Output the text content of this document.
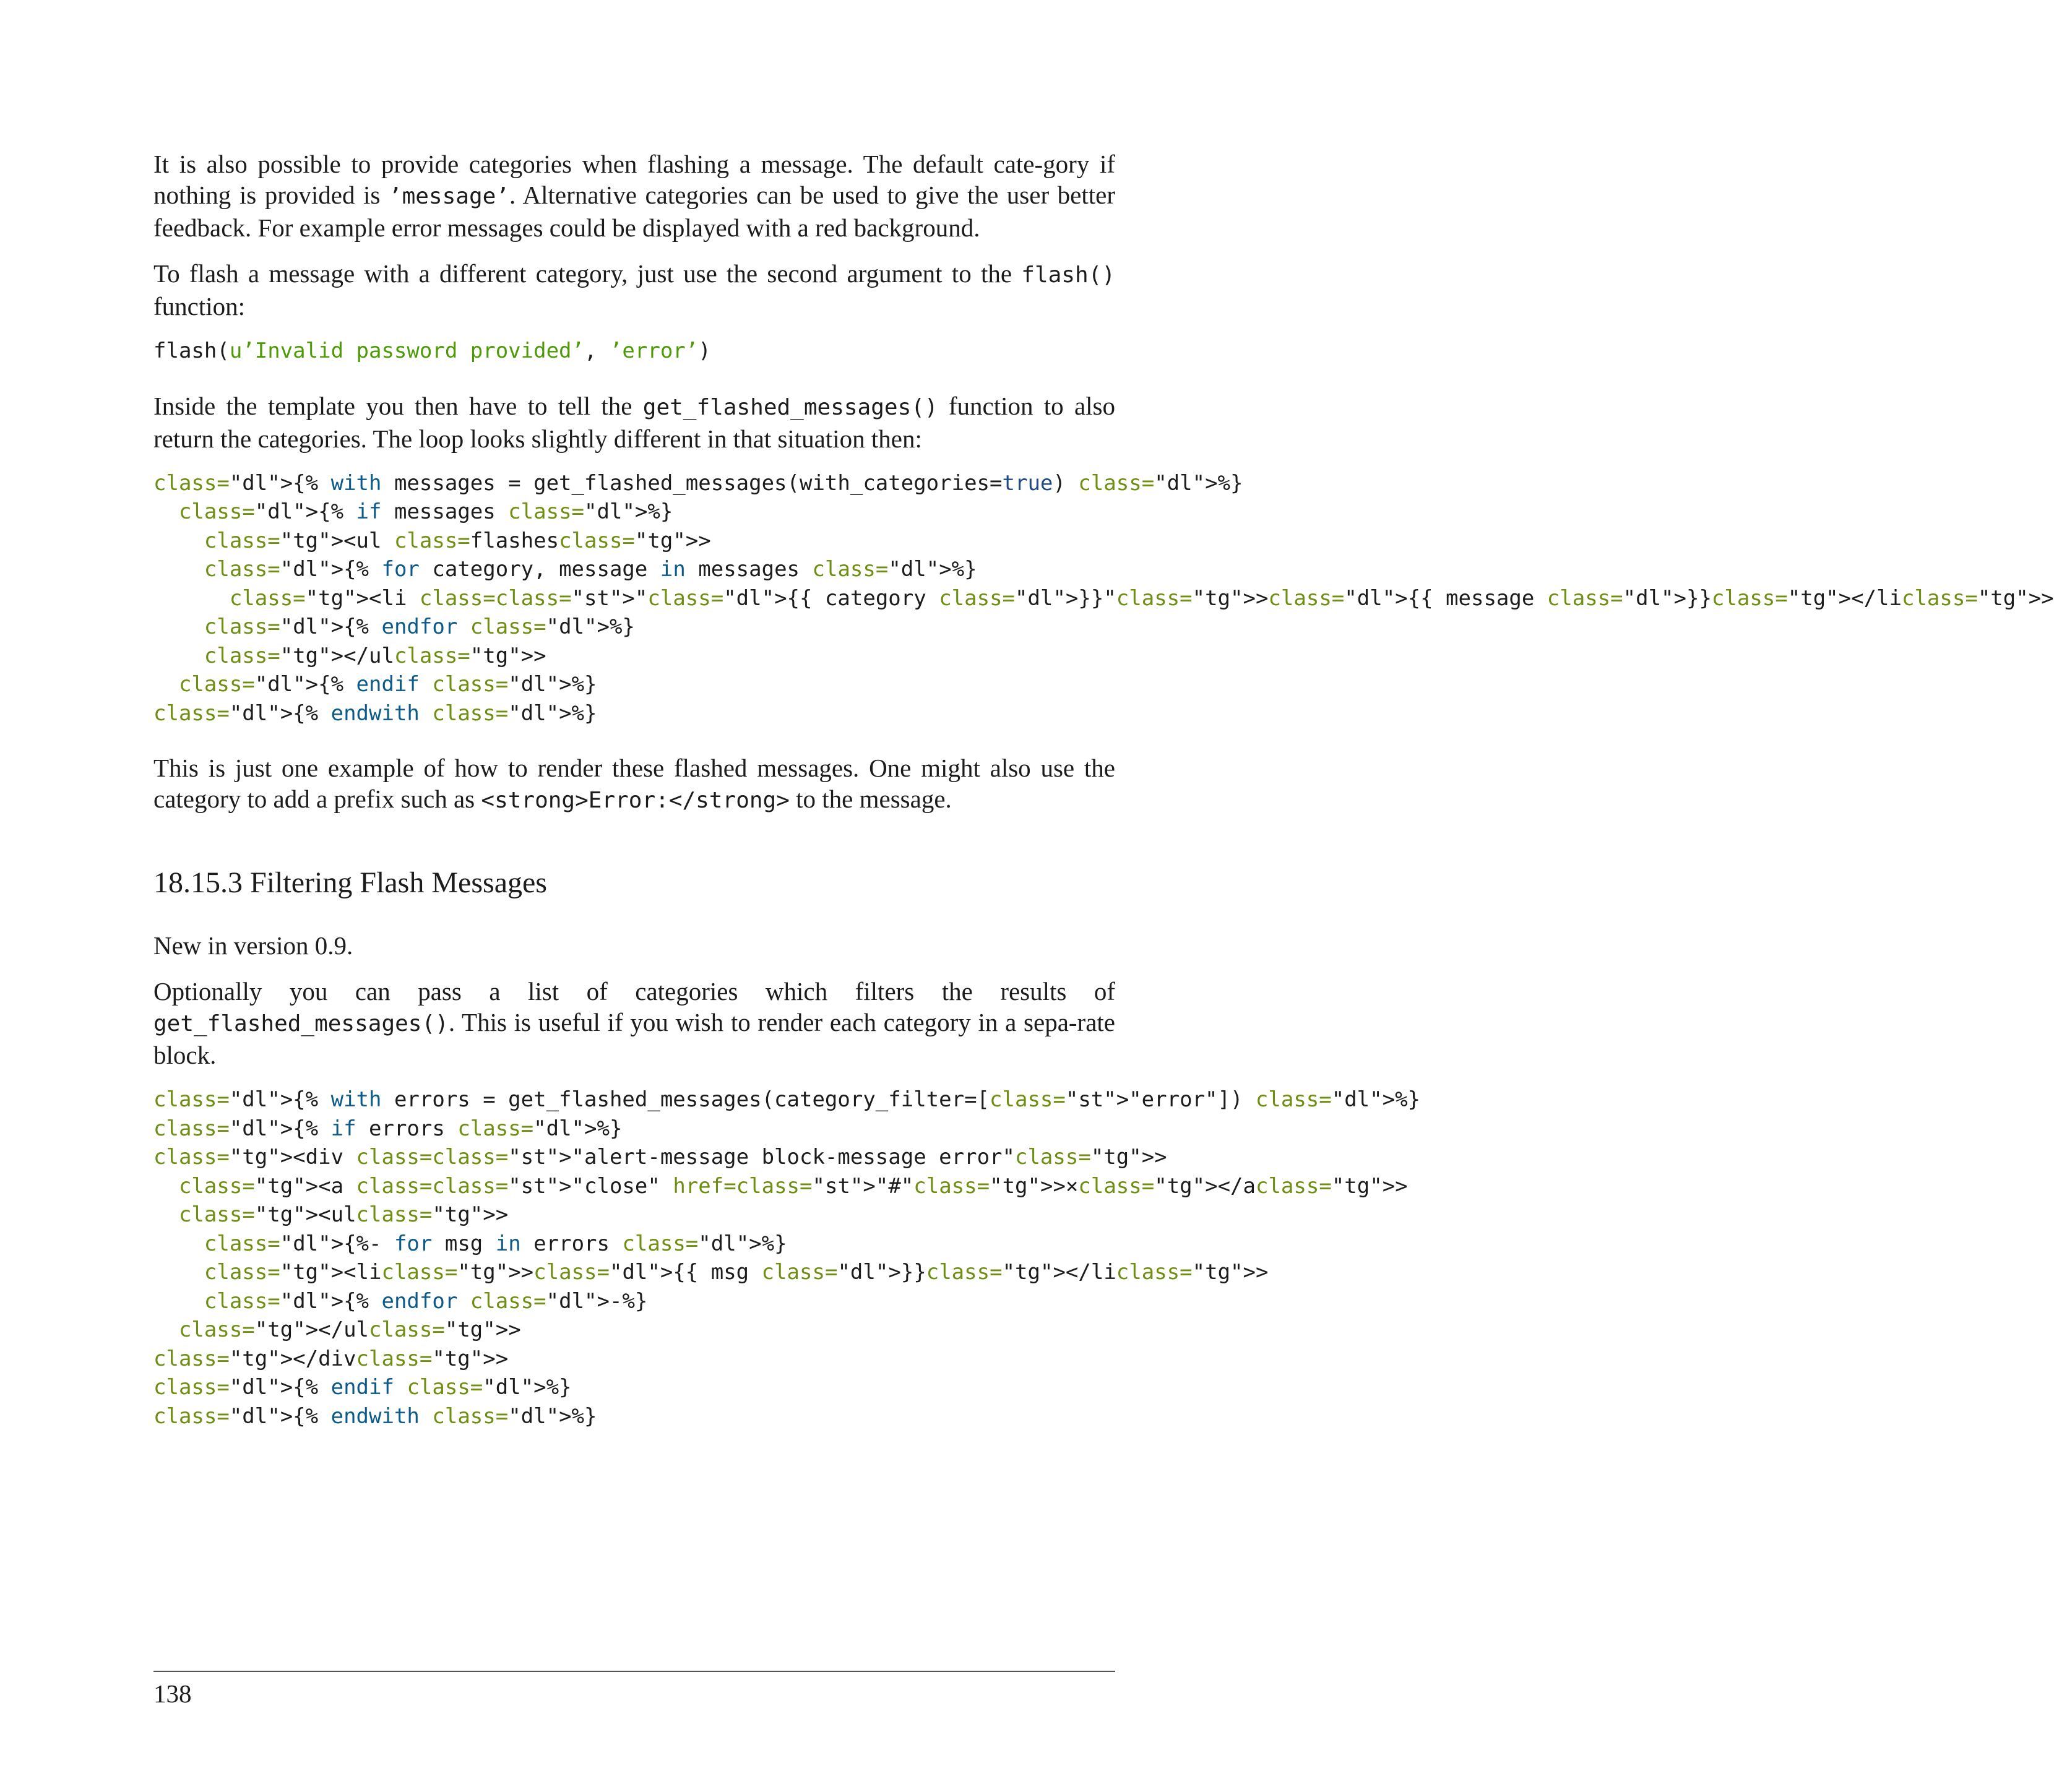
It is also possible to provide categories when flashing a message. The default cate-gory if nothing is provided is ’message’. Alternative categories can be used to give the user better feedback. For example error messages could be displayed with a red background.

To flash a message with a different category, just use the second argument to the flash() function:

flash(u’Invalid password provided’, ’error’)

Inside the template you then have to tell the get_flashed_messages() function to also return the categories. The loop looks slightly different in that situation then:

class="dl">{% with messages = get_flashed_messages(with_categories=true) class="dl">%}
class="dl">{% if messages class="dl">%}
class="tg"><ul class=flashesclass="tg">>
class="dl">{% for category, message in messages class="dl">%}
class="tg"><li class=class="st">"class="dl">{{ category class="dl">}}"class="tg">>class="dl">{{ message class="dl">}}class="tg"></liclass="tg">>
class="dl">{% endfor class="dl">%}
class="tg"></ulclass="tg">>
class="dl">{% endif class="dl">%}
class="dl">{% endwith class="dl">%}

This is just one example of how to render these flashed messages. One might also use the category to add a prefix such as <strong>Error:</strong> to the message.

18.15.3 Filtering Flash Messages

New in version 0.9.

Optionally you can pass a list of categories which filters the results of get_flashed_messages(). This is useful if you wish to render each category in a sepa-rate block.

class="dl">{% with errors = get_flashed_messages(category_filter=[class="st">"error"]) class="dl">%}
class="dl">{% if errors class="dl">%}
class="tg"><div class=class="st">"alert-message block-message error"class="tg">>
class="tg"><a class=class="st">"close" href=class="st">"#"class="tg">>×class="tg"></aclass="tg">>
class="tg"><ulclass="tg">>
class="dl">{%- for msg in errors class="dl">%}
class="tg"><liclass="tg">>class="dl">{{ msg class="dl">}}class="tg"></liclass="tg">>
class="dl">{% endfor class="dl">-%}
class="tg"></ulclass="tg">>
class="tg"></divclass="tg">>
class="dl">{% endif class="dl">%}
class="dl">{% endwith class="dl">%}
138
